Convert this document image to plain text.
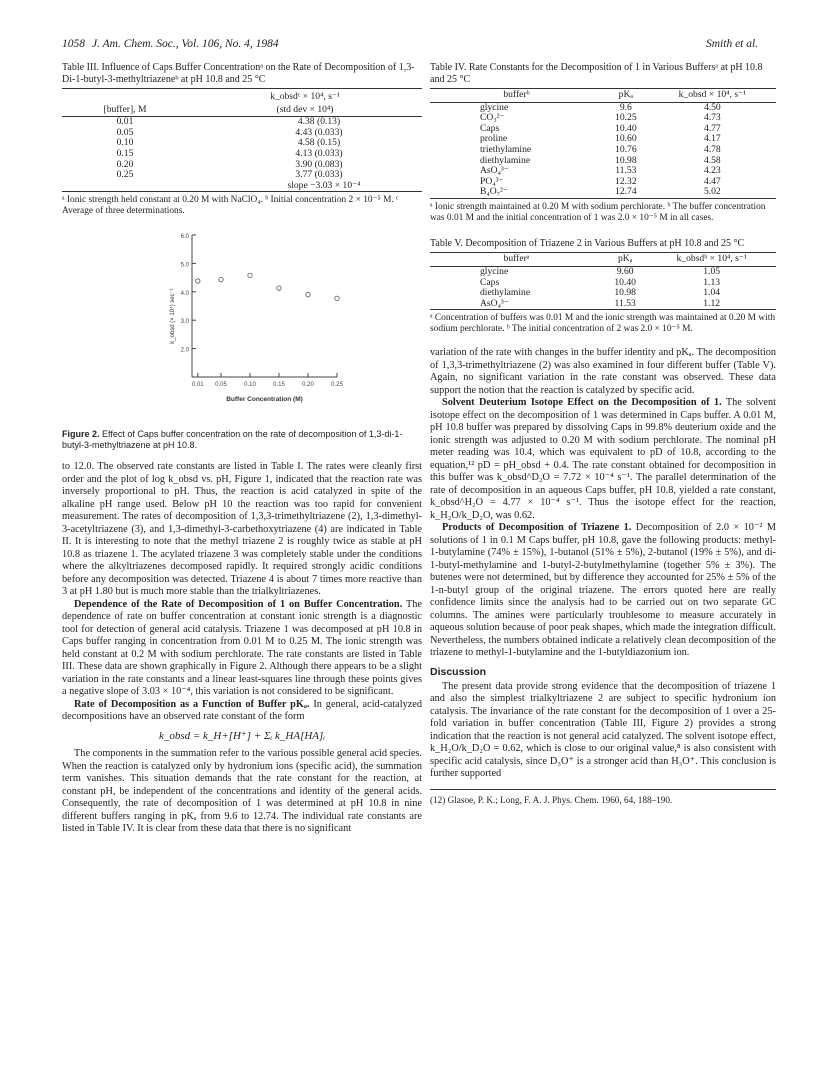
1058 J. Am. Chem. Soc., Vol. 106, No. 4, 1984	Smith et al.
Table III. Influence of Caps Buffer Concentrationᵃ on the Rate of Decomposition of 1,3-Di-1-butyl-3-methyltriazeneᵇ at pH 10.8 and 25 °C
	k_obsdᶜ × 10⁴, s⁻¹
[buffer], M	(std dev × 10⁴)
0.01	4.38 (0.13)
0.05	4.43 (0.033)
0.10	4.58 (0.15)
0.15	4.13 (0.033)
0.20	3.90 (0.083)
0.25	3.77 (0.033)
	slope −3.03 × 10⁻⁴
ᵃ Ionic strength held constant at 0.20 M with NaClO₄. ᵇ Initial concentration 2 × 10⁻⁵ M. ᶜ Average of three determinations.
2.0
3.0
4.0
5.0
6.0
0.01 0.05	0.10	0.15	0.20	0.25
Buffer Concentration (M)
k_obsd (× 10⁴) sec⁻¹
Figure 2. Effect of Caps buffer concentration on the rate of decomposition of 1,3-di-1-butyl-3-methyltriazene at pH 10.8.

to 12.0. The observed rate constants are listed in Table I. The rates were cleanly first order and the plot of log k_obsd vs. pH, Figure 1, indicated that the reaction rate was inversely proportional to pH. Thus, the reaction is acid catalyzed in spite of the alkaline pH range used. Below pH 10 the reaction was too rapid for convenient measurement. The rates of decomposition of 1,3,3-trimethyltriazene (2), 1,3-dimethyl-3-acetyltriazene (3), and 1,3-dimethyl-3-carbethoxytriazene (4) are indicated in Table II. It is interesting to note that the methyl triazene 2 is roughly twice as stable at pH 10.8 as triazene 1. The acylated triazene 3 was completely stable under the conditions where the alkyltriazenes decomposed rapidly. It required strongly acidic conditions before any decomposition was detected. Triazene 4 is about 7 times more reactive than 3 at pH 1.80 but is much more stable than the trialkyltriazenes.

Dependence of the Rate of Decomposition of 1 on Buffer Concentration. The dependence of rate on buffer concentration at constant ionic strength is a diagnostic tool for detection of general acid catalysis. Triazene 1 was decomposed at pH 10.8 in Caps buffer ranging in concentration from 0.01 M to 0.25 M. The ionic strength was held constant at 0.2 M with sodium perchlorate. The rate constants are listed in Table III. These data are shown graphically in Figure 2. Although there appears to be a slight variation in the rate constants and a linear least-squares line through these points gives a negative slope of 3.03 × 10⁻⁴, this variation is not considered to be significant.

Rate of Decomposition as a Function of Buffer pKₐ. In general, acid-catalyzed decompositions have an observed rate constant of the form

k_obsd = k_H+[H⁺] + Σᵢ k_HA[HA]ᵢ

The components in the summation refer to the various possible general acid species. When the reaction is catalyzed only by hydronium ions (specific acid), the summation term vanishes. This situation demands that the rate constant for the reaction, at constant pH, be independent of the concentrations and identity of the general acids. Consequently, the rate of decomposition of 1 was determined at pH 10.8 in nine different buffers ranging in pKₐ from 9.6 to 12.74. The individual rate constants are listed in Table IV. It is clear from these data that there is no significant

Table IV. Rate Constants for the Decomposition of 1 in Various Buffersᵃ at pH 10.8 and 25 °C
bufferᵇ	pKₐ	k_obsd × 10⁴, s⁻¹
glycine	9.6	4.50
CO₃²⁻	10.25	4.73
Caps	10.40	4.77
proline	10.60	4.17
triethylamine	10.76	4.78
diethylamine	10.98	4.58
AsO₄³⁻	11.53	4.23
PO₄³⁻	12.32	4.47
B₄O₇²⁻	12.74	5.02
ᵃ Ionic strength maintained at 0.20 M with sodium perchlorate. ᵇ The buffer concentration was 0.01 M and the initial concentration of 1 was 2.0 × 10⁻⁵ M in all cases.
Table V. Decomposition of Triazene 2 in Various Buffers at pH 10.8 and 25 °C
bufferᵃ	pKₐ	k_obsdᵇ × 10⁴, s⁻¹
glycine	9.60	1.05
Caps	10.40	1.13
diethylamine	10.98	1.04
AsO₄³⁻	11.53	1.12
ᵃ Concentration of buffers was 0.01 M and the ionic strength was maintained at 0.20 M with sodium perchlorate. ᵇ The initial concentration of 2 was 2.0 × 10⁻⁵ M.

variation of the rate with changes in the buffer identity and pKₐ. The decomposition of 1,3,3-trimethyltriazene (2) was also examined in four different buffer (Table V). Again, no significant variation in the rate constant was observed. These data support the notion that the reaction is catalyzed by specific acid.

Solvent Deuterium Isotope Effect on the Decomposition of 1. The solvent isotope effect on the decomposition of 1 was determined in Caps buffer. A 0.01 M, pH 10.8 buffer was prepared by dissolving Caps in 99.8% deuterium oxide and the ionic strength was adjusted to 0.20 M with sodium perchlorate. The nominal pH meter reading was 10.4, which was equivalent to pD of 10.8, according to the equation,¹² pD = pH_obsd + 0.4. The rate constant obtained for decomposition in this buffer was k_obsd^D₂O = 7.72 × 10⁻⁴ s⁻¹. The parallel determination of the rate of decomposition in an aqueous Caps buffer, pH 10.8, yielded a rate constant, k_obsd^H₂O = 4.77 × 10⁻⁴ s⁻¹. Thus the isotope effect for the reaction, k_H₂O/k_D₂O, was 0.62.

Products of Decomposition of Triazene 1. Decomposition of 2.0 × 10⁻² M solutions of 1 in 0.1 M Caps buffer, pH 10.8, gave the following products: methyl-1-butylamine (74% ± 15%), 1-butanol (51% ± 5%), 2-butanol (19% ± 5%), and di-1-butyl-methylamine and 1-butyl-2-butylmethylamine (together 5% ± 3%). The butenes were not determined, but by difference they accounted for 25% ± 5% of the 1-n-butyl group of the original triazene. The errors quoted here are really confidence limits since the analysis had to be carried out on two separate GC columns. The amines were particularly troublesome to measure accurately in aqueous solution because of poor peak shapes, which made the integration difficult. Nevertheless, the numbers obtained indicate a relatively clean decomposition of the triazene to methyl-1-butylamine and the 1-butyldiazonium ion.

Discussion

The present data provide strong evidence that the decomposition of triazene 1 and also the simplest trialkyltriazene 2 are subject to specific hydronium ion catalysis. The invariance of the rate constant for the decomposition of 1 over a 25-fold variation in buffer concentration (Table III, Figure 2) provides a strong indication that the reaction is not general acid catalyzed. The solvent isotope effect, k_H₂O/k_D₂O = 0.62, which is close to our original value,⁸ is also consistent with specific acid catalysis, since D₃O⁺ is a stronger acid than H₃O⁺. This conclusion is further supported

(12) Glasoe, P. K.; Long, F. A. J. Phys. Chem. 1960, 64, 188–190.
